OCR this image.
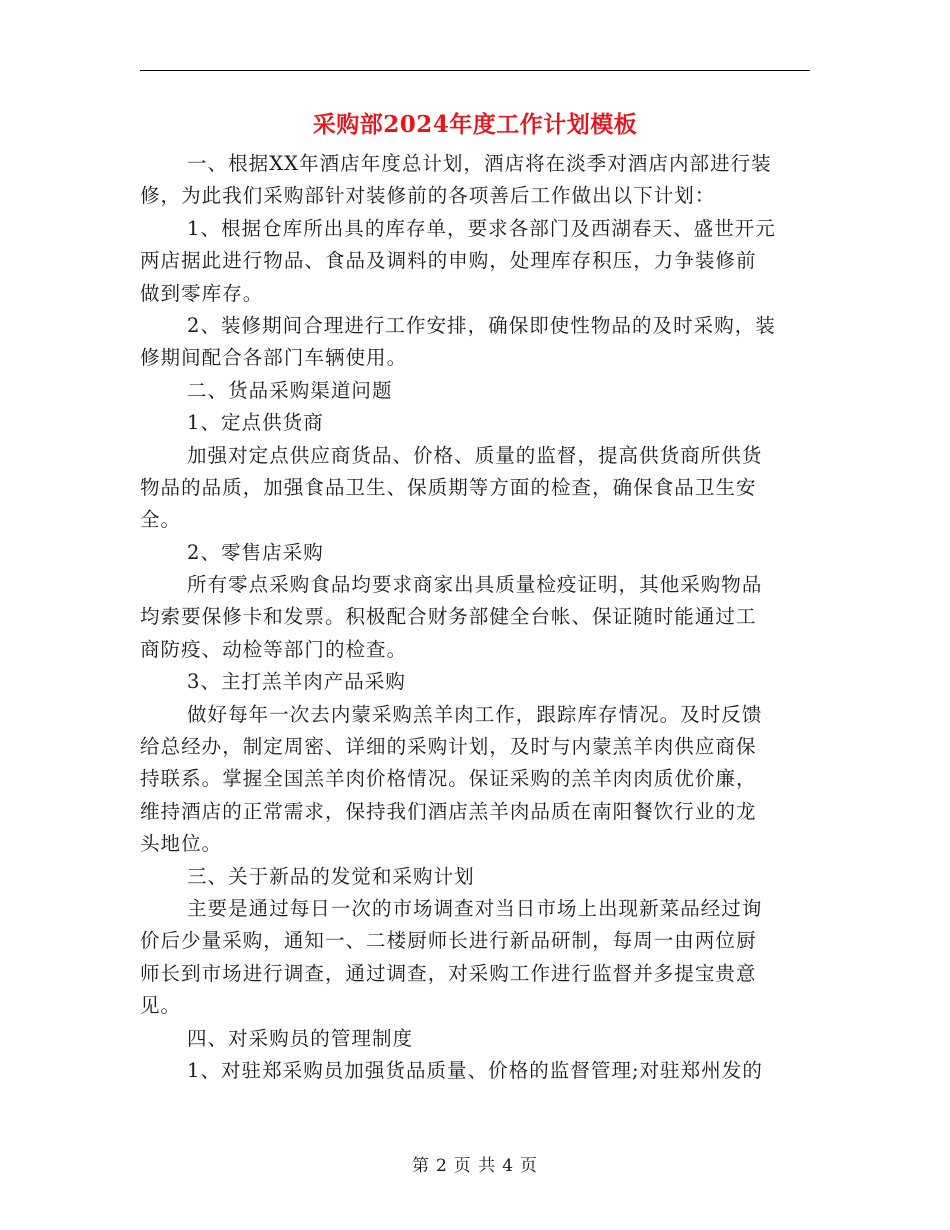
采购部2024年度工作计划模板
一、根据XX年酒店年度总计划，酒店将在淡季对酒店内部进行装
修，为此我们采购部针对装修前的各项善后工作做出以下计划：
1、根据仓库所出具的库存单，要求各部门及西湖春天、盛世开元
两店据此进行物品、食品及调料的申购，处理库存积压，力争装修前
做到零库存。
2、装修期间合理进行工作安排，确保即使性物品的及时采购，装
修期间配合各部门车辆使用。
二、货品采购渠道问题
1、定点供货商
加强对定点供应商货品、价格、质量的监督，提高供货商所供货
物品的品质，加强食品卫生、保质期等方面的检查，确保食品卫生安
全。
2、零售店采购
所有零点采购食品均要求商家出具质量检疫证明，其他采购物品
均索要保修卡和发票。积极配合财务部健全台帐、保证随时能通过工
商防疫、动检等部门的检查。
3、主打羔羊肉产品采购
做好每年一次去内蒙采购羔羊肉工作，跟踪库存情况。及时反馈
给总经办，制定周密、详细的采购计划，及时与内蒙羔羊肉供应商保
持联系。掌握全国羔羊肉价格情况。保证采购的羔羊肉肉质优价廉，
维持酒店的正常需求，保持我们酒店羔羊肉品质在南阳餐饮行业的龙
头地位。
三、关于新品的发觉和采购计划
主要是通过每日一次的市场调查对当日市场上出现新菜品经过询
价后少量采购，通知一、二楼厨师长进行新品研制，每周一由两位厨
师长到市场进行调查，通过调查，对采购工作进行监督并多提宝贵意
见。
四、对采购员的管理制度
1、对驻郑采购员加强货品质量、价格的监督管理;对驻郑州发的
第 2 页 共 4 页
